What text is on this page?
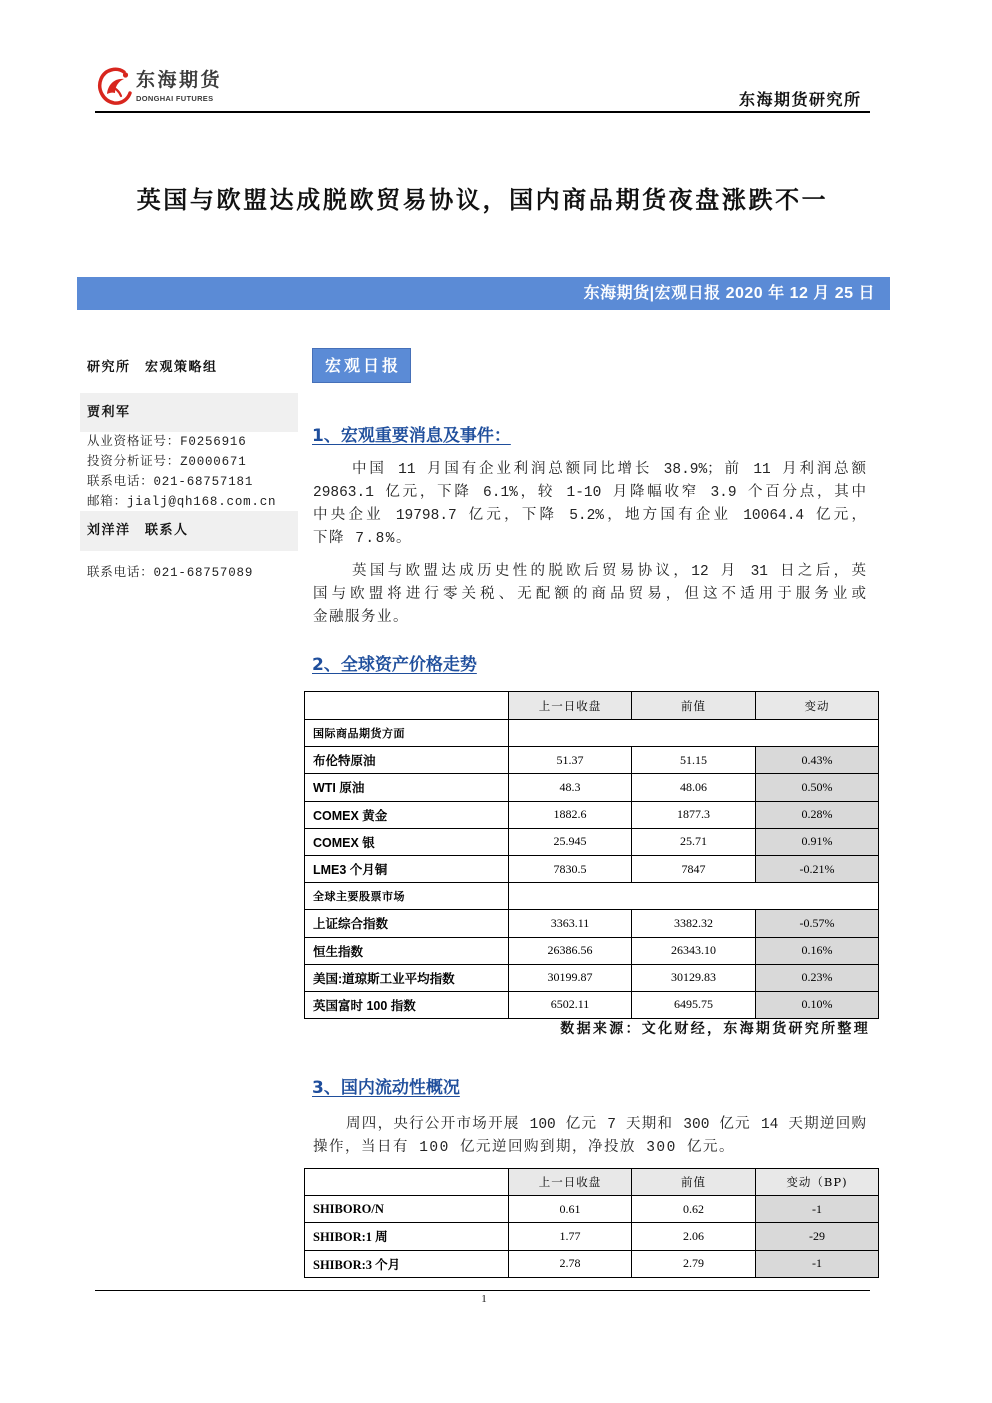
东海期货
DONGHAI FUTURES	东海期货研究所
英国与欧盟达成脱欧贸易协议，国内商品期货夜盘涨跌不一
东海期货|宏观日报 2020 年 12 月 25 日
研究所　宏观策略组
贾利军
从业资格证号：F0256916
投资分析证号：Z0000671
联系电话：021-68757181
邮箱：jialj@qh168.com.cn
刘洋洋　联系人
联系电话：021-68757089
宏观日报
1、宏观重要消息及事件：
中国 11 月国有企业利润总额同比增长 38.9%；前 11 月利润总额
29863.1 亿元，下降 6.1%，较 1-10 月降幅收窄 3.9 个百分点，其中
中央企业 19798.7 亿元，下降 5.2%，地方国有企业 10064.4 亿元，
下降 7.8%。
英国与欧盟达成历史性的脱欧后贸易协议，12 月 31 日之后，英
国与欧盟将进行零关税、无配额的商品贸易，但这不适用于服务业或
金融服务业。
2、全球资产价格走势
	上一日收盘	前值	变动
国际商品期货方面			
布伦特原油	51.37	51.15	0.43%
WTI 原油	48.3	48.06	0.50%
COMEX 黄金	1882.6	1877.3	0.28%
COMEX 银	25.945	25.71	0.91%
LME3 个月铜	7830.5	7847	-0.21%
全球主要股票市场			
上证综合指数	3363.11	3382.32	-0.57%
恒生指数	26386.56	26343.10	0.16%
美国:道琼斯工业平均指数	30199.87	30129.83	0.23%
英国富时 100 指数	6502.11	6495.75	0.10%
数据来源：文化财经，东海期货研究所整理
3、国内流动性概况
周四，央行公开市场开展 100 亿元 7 天期和 300 亿元 14 天期逆回购
操作，当日有 100 亿元逆回购到期，净投放 300 亿元。
	上一日收盘	前值	变动（BP)
SHIBORO/N	0.61	0.62	-1
SHIBOR:1 周	1.77	2.06	-29
SHIBOR:3 个月	2.78	2.79	-1
1
